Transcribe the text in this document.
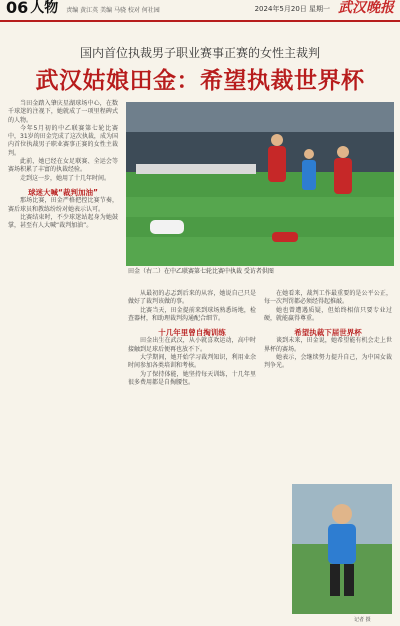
06 人物 责编 黄江英 美编 马骁 校对 何社园	2024年5月20日 星期一 武汉晚报
国内首位执裁男子职业赛事正赛的女性主裁判
武汉姑娘田金：希望执裁世界杯

当田金踏入肇庆星湖球场中心，在数千球迷的注视下，她就成了一项里程碑式的人物。

今年5月初的中乙联赛第七轮比赛中，31岁的田金完成了这次执裁，成为国内首位执裁男子职业赛事正赛的女性主裁判。

此前，她已经在女足联赛、全运会等赛场积累了丰富的执裁经验。

走到这一步，她用了十几年时间。

球迷大喊“裁判加油”

那场比赛，田金严格把控比赛节奏，赛后球员和教练纷纷对她表示认可。

比赛结束时，不少球迷站起身为她鼓掌，甚至有人大喊“裁判加油”。

田金（右二）在中乙联赛第七轮比赛中执裁 受访者供图

从最初的忐忑到后来的从容，她说自己只是做好了裁判该做的事。

比赛当天，田金提前来到球场熟悉场地，检查器材，和助理裁判沟通配合细节。

十几年里曾自掏训练

田金出生在武汉，从小就喜欢运动，高中时接触到足球后便再也放不下。

大学期间，她开始学习裁判知识，利用业余时间参加各类培训和考核。

为了保持体能，她坚持每天训练，十几年里很多费用都是自掏腰包。

在她看来，裁判工作最重要的是公平公正，每一次判罚都必须经得起推敲。

她也曾遭遇质疑，但始终相信只要专业过硬，就能赢得尊重。

希望执裁下届世界杯

谈到未来，田金说，她希望能有机会走上世界杯的赛场。

她表示，会继续努力提升自己，为中国女裁判争光。

记者 摄
